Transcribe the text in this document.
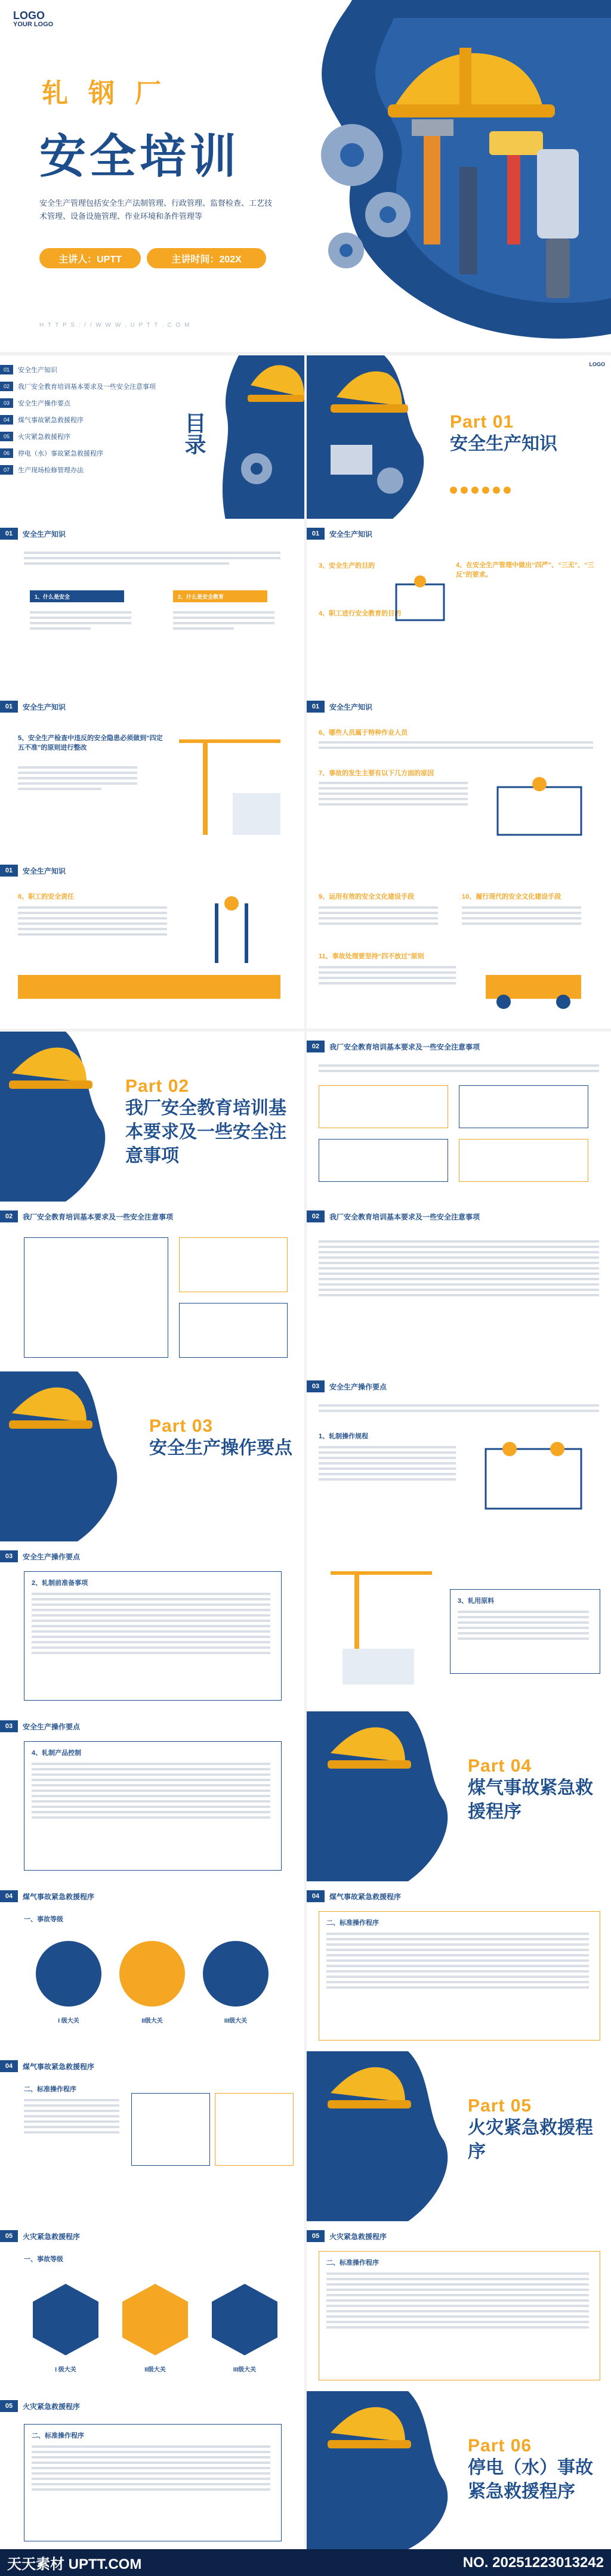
LOGO
YOUR LOGO
轧钢厂
安全培训
安全生产管理包括安全生产法制管理、行政管理、监督检查、工艺技术管理、设备设施管理、作业环境和条件管理等
主讲人：UPTT	主讲时间：202X
H T T P S : / / W W W . U P T T . C O M
01	安全生产知识
02	我厂安全教育培训基本要求及一些安全注意事项
03	安全生产操作要点
04	煤气事故紧急救援程序
05	火灾紧急救援程序
06	停电（水）事故紧急救援程序
07	生产现场检修管理办法
目录
LOGO
Part 01
安全生产知识
01	安全生产知识
1、什么是安全	2、什么是安全教育
01	安全生产知识
3、安全生产的目的
4、职工进行安全教育的目的
4、在安全生产管理中做出“四严”、“三无”、“三反”的要求。
01	安全生产知识
5、安全生产检查中违反的安全隐患必须做到“四定五不准”的原则进行整改
01	安全生产知识
6、哪些人员属于特种作业人员
7、事故的发生主要有以下几方面的原因
01	安全生产知识
8、职工的安全责任	9、运用有效的安全文化建设手段	10、履行现代的安全文化建设手段
11、事故处理要坚持“四不放过”原则
Part 02
我厂安全教育培训基本要求及一些安全注意事项
02	我厂安全教育培训基本要求及一些安全注意事项
02	我厂安全教育培训基本要求及一些安全注意事项	02	我厂安全教育培训基本要求及一些安全注意事项
Part 03
安全生产操作要点
03	安全生产操作要点
1、轧制操作规程
03	安全生产操作要点
2、轧制前准备事项
3、轧用原料
03	安全生产操作要点
4、轧制产品控制
Part 04
煤气事故紧急救援程序
04	煤气事故紧急救援程序
一、事故等级
I 级大关	II级大关	III级大关
04	煤气事故紧急救援程序
二、标准操作程序
04	煤气事故紧急救援程序
二、标准操作程序
Part 05
火灾紧急救援程序
05	火灾紧急救援程序
一、事故等级
I 级大关	II级大关	III级大关
05	火灾紧急救援程序
二、标准操作程序
05	火灾紧急救援程序
二、标准操作程序	Part 06
停电（水）事故紧急救援程序
天天素材 UPTT.COM	NO. 20251223013242
